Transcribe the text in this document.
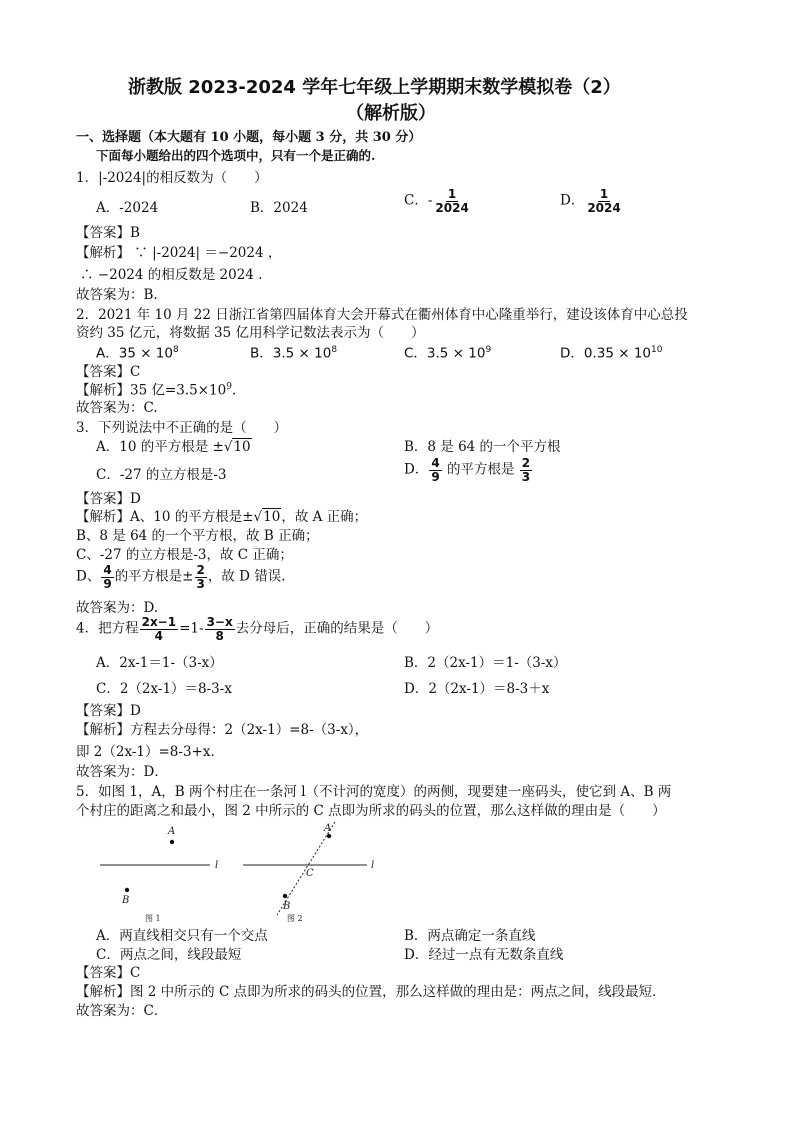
浙教版 2023-2024 学年七年级上学期期末数学模拟卷（2）
（解析版）
一、选择题（本大题有 10 小题，每小题 3 分，共 30 分）
下面每小题给出的四个选项中，只有一个是正确的.
1．|-2024|的相反数为（　　）
A．-2024	B．2024	C．- $\frac{1}{2024}$	D． $\frac{1}{2024}$
【答案】B
【解析】 ∵ |-2024| ＝−2024 ，
∴ −2024 的相反数是 2024 .
故答案为：B.
2．2021 年 10 月 22 日浙江省第四届体育大会开幕式在衢州体育中心隆重举行，建设该体育中心总投
资约 35 亿元，将数据 35 亿用科学记数法表示为（　　）
A．$35 \times 10^8$	B．$3.5 \times 10^8$	C．$3.5 \times 10^9$	D．$0.35 \times 10^{10}$
【答案】C
【解析】35 亿$=3.5\times 10^9$.
故答案为：C.
3．下列说法中不正确的是（　　）
A．10 的平方根是 ±√10	B．8 是 64 的一个平方根
C．-27 的立方根是-3	D． $\frac{4}{9}$ 的平方根是 $\frac{2}{3}$
【答案】D
【解析】A、10 的平方根是±√10，故 A 正确；
B、8 是 64 的一个平方根，故 B 正确；
C、-27 的立方根是-3，故 C 正确；
D、 $\frac{4}{9}$ 的平方根是± $\frac{2}{3}$ ，故 D 错误.
故答案为：D.
4．把方程 $\frac{2x-1}{4} =1- \frac{3-x}{8}$ 去分母后，正确的结果是（　　）
A．2x-1＝1-（3-x）	B．2（2x-1）＝1-（3-x）
C．2（2x-1）＝8-3-x	D．2（2x-1）＝8-3＋x
【答案】D
【解析】方程去分母得：2（2x-1）=8-（3-x），
即 2（2x-1）=8-3+x．
故答案为：D．
5．如图 1，A，B 两个村庄在一条河 l（不计河的宽度）的两侧，现要建一座码头，使它到 A、B 两
个村庄的距离之和最小，图 2 中所示的 C 点即为所求的码头的位置，那么这样做的理由是（　　）
A
B
l
图 1
A
B
C
l
图 2
A．两直线相交只有一个交点	B．两点确定一条直线
C．两点之间，线段最短	D．经过一点有无数条直线
【答案】C
【解析】图 2 中所示的 C 点即为所求的码头的位置，那么这样做的理由是：两点之间，线段最短．
故答案为：C．
